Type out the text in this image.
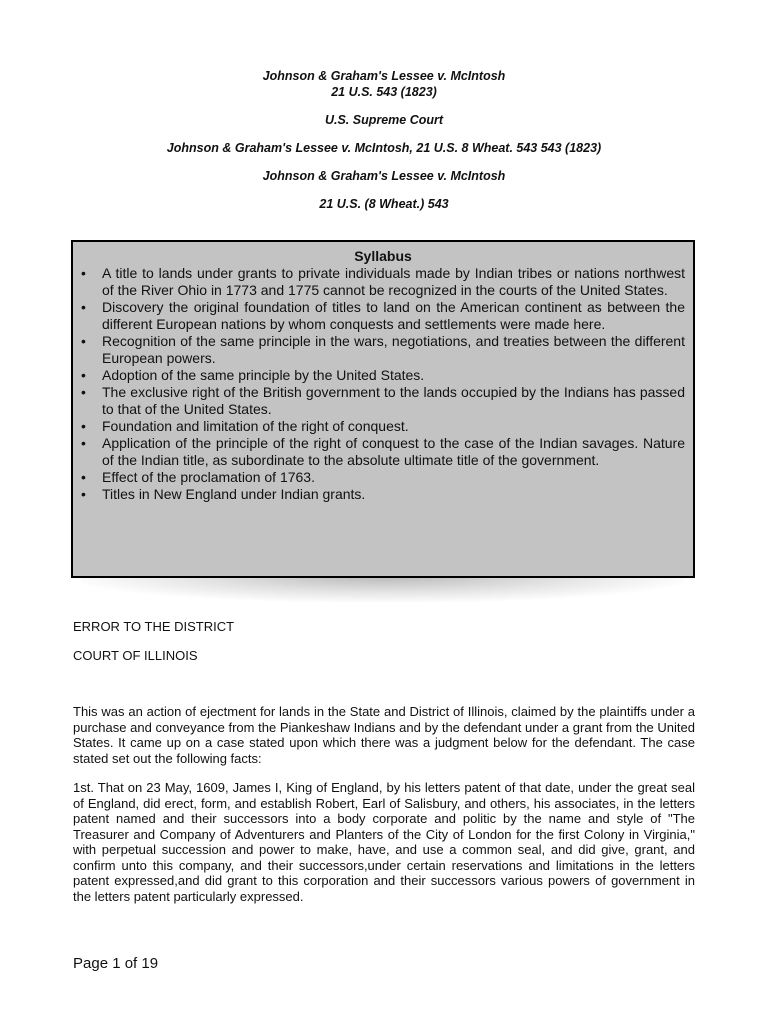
Johnson & Graham's Lessee v. McIntosh

21 U.S. 543 (1823)

U.S. Supreme Court

Johnson & Graham's Lessee v. McIntosh, 21 U.S. 8 Wheat. 543 543 (1823)

Johnson & Graham's Lessee v. McIntosh

21 U.S. (8 Wheat.) 543

Syllabus

• A title to lands under grants to private individuals made by Indian tribes or nations northwest of the River Ohio in 1773 and 1775 cannot be recognized in the courts of the United States.
• Discovery the original foundation of titles to land on the American continent as between the different European nations by whom conquests and settlements were made here.
• Recognition of the same principle in the wars, negotiations, and treaties between the different European powers.
• Adoption of the same principle by the United States.
• The exclusive right of the British government to the lands occupied by the Indians has passed to that of the United States.
• Foundation and limitation of the right of conquest.
• Application of the principle of the right of conquest to the case of the Indian savages. Nature of the Indian title, as subordinate to the absolute ultimate title of the government.
• Effect of the proclamation of 1763.
• Titles in New England under Indian grants.
ERROR TO THE DISTRICT
COURT OF ILLINOIS

This was an action of ejectment for lands in the State and District of Illinois, claimed by the plaintiffs under a purchase and conveyance from the Piankeshaw Indians and by the defendant under a grant from the United States. It came up on a case stated upon which there was a judgment below for the defendant. The case stated set out the following facts:

1st. That on 23 May, 1609, James I, King of England, by his letters patent of that date, under the great seal of England, did erect, form, and establish Robert, Earl of Salisbury, and others, his associates, in the letters patent named and their successors into a body corporate and politic by the name and style of "The Treasurer and Company of Adventurers and Planters of the City of London for the first Colony in Virginia," with perpetual succession and power to make, have, and use a common seal, and did give, grant, and confirm unto this company, and their successors,under certain reservations and limitations in the letters patent expressed,and did grant to this corporation and their successors various powers of government in the letters patent particularly expressed.

Page 1 of 19
